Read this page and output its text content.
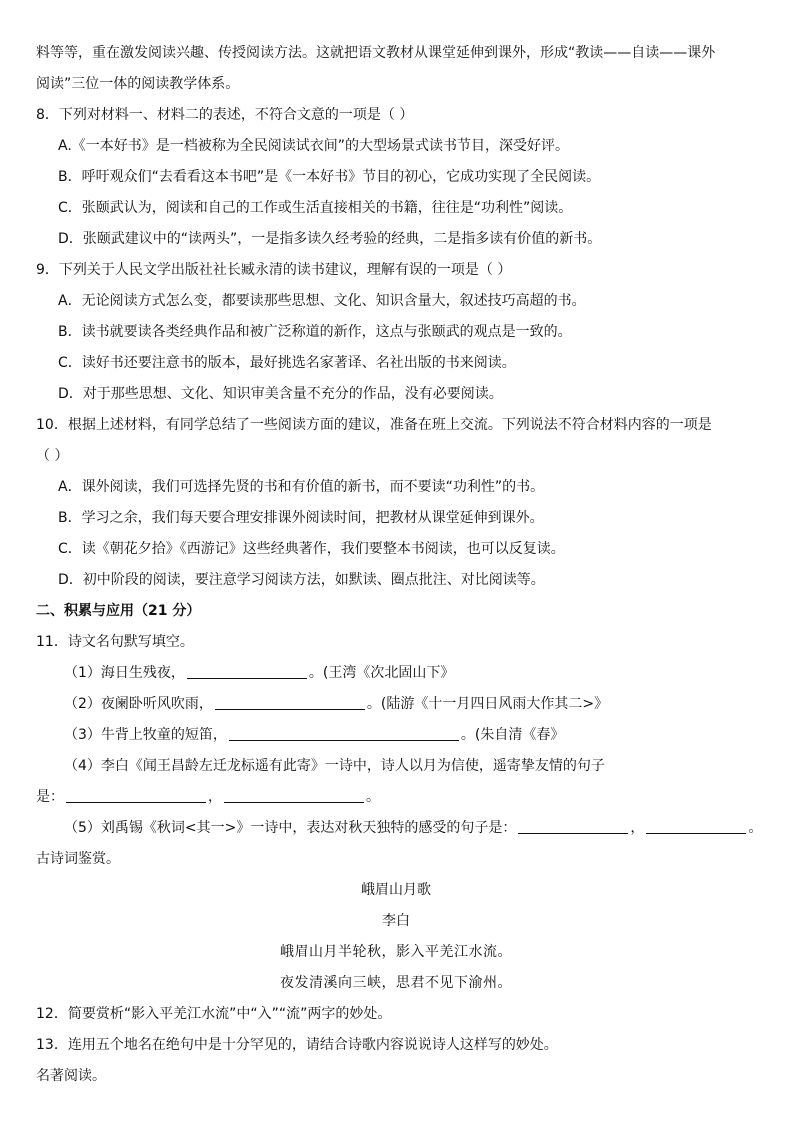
料等等，重在激发阅读兴趣、传授阅读方法。这就把语文教材从课堂延伸到课外，形成“教读——自读——课外
阅读”三位一体的阅读教学体系。
8．下列对材料一、材料二的表述，不符合文意的一项是（ ）
A.《一本好书》是一档被称为全民阅读试衣间”的大型场景式读书节目，深受好评。
B．呼吁观众们“去看看这本书吧”是《一本好书》节目的初心，它成功实现了全民阅读。
C．张颐武认为，阅读和自己的工作或生活直接相关的书籍，往往是“功利性”阅读。
D．张颐武建议中的“读两头”，一是指多读久经考验的经典，二是指多读有价值的新书。
9．下列关于人民文学出版社社长臧永清的读书建议，理解有误的一项是（ ）
A．无论阅读方式怎么变，都要读那些思想、文化、知识含量大，叙述技巧高超的书。
B．读书就要读各类经典作品和被广泛称道的新作，这点与张颐武的观点是一致的。
C．读好书还要注意书的版本，最好挑选名家著译、名社出版的书来阅读。
D．对于那些思想、文化、知识审美含量不充分的作品，没有必要阅读。
10．根据上述材料，有同学总结了一些阅读方面的建议，准备在班上交流。下列说法不符合材料内容的一项是
（ ）
A．课外阅读，我们可选择先贤的书和有价值的新书，而不要读“功利性”的书。
B．学习之余，我们每天要合理安排课外阅读时间，把教材从课堂延伸到课外。
C．读《朝花夕拾》《西游记》这些经典著作，我们要整本书阅读，也可以反复读。
D．初中阶段的阅读，要注意学习阅读方法，如默读、圈点批注、对比阅读等。
二、积累与应用（21 分）
11．诗文名句默写填空。
（1）海日生残夜，	。(王湾《次北固山下》
（2）夜阑卧听风吹雨，	。(陆游《十一月四日风雨大作其二>》
（3）牛背上牧童的短笛，	。(朱自清《春》
（4）李白《闻王昌龄左迁龙标遥有此寄》一诗中，诗人以月为信使，遥寄挚友情的句子
是：	，	。
（5）刘禹锡《秋词<其一>》一诗中，表达对秋天独特的感受的句子是：	，	。
古诗词鉴赏。
峨眉山月歌
李白
峨眉山月半轮秋，影入平羌江水流。
夜发清溪向三峡，思君不见下渝州。
12．简要赏析“影入平羌江水流”中“入”“流”两字的妙处。
13．连用五个地名在绝句中是十分罕见的，请结合诗歌内容说说诗人这样写的妙处。
名著阅读。
